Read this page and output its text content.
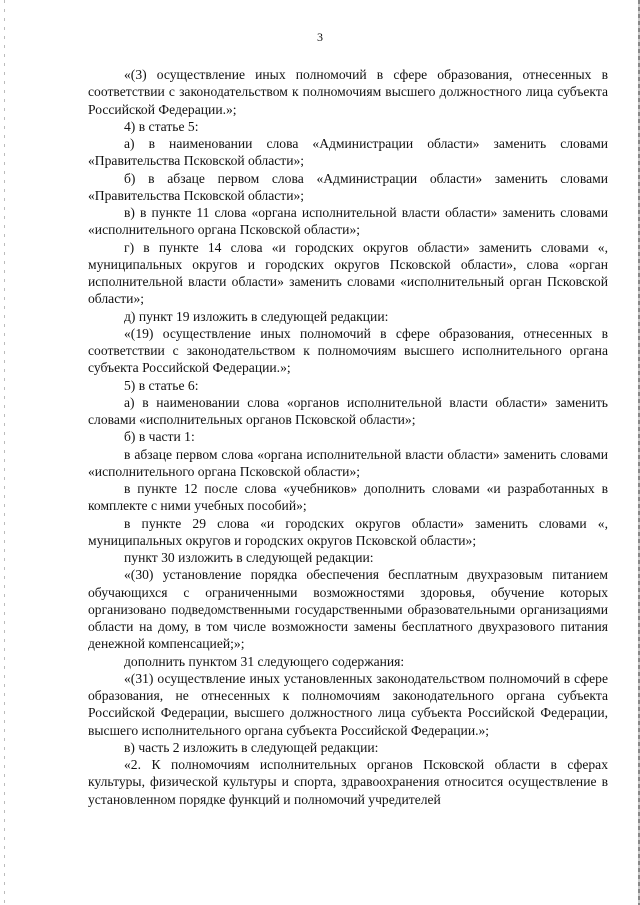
3

«(3) осуществление иных полномочий в сфере образования, отнесенных в соответствии с законодательством к полномочиям высшего должностного лица субъекта Российской Федерации.»;

4) в статье 5:

а) в наименовании слова «Администрации области» заменить словами «Правительства Псковской области»;

б) в абзаце первом слова «Администрации области» заменить словами «Правительства Псковской области»;

в) в пункте 11 слова «органа исполнительной власти области» заменить словами «исполнительного органа Псковской области»;

г) в пункте 14 слова «и городских округов области» заменить словами «, муниципальных округов и городских округов Псковской области», слова «орган исполнительной власти области» заменить словами «исполнительный орган Псковской области»;

д) пункт 19 изложить в следующей редакции:

«(19) осуществление иных полномочий в сфере образования, отнесенных в соответствии с законодательством к полномочиям высшего исполнительного органа субъекта Российской Федерации.»;

5) в статье 6:

а) в наименовании слова «органов исполнительной власти области» заменить словами «исполнительных органов Псковской области»;

б) в части 1:

в абзаце первом слова «органа исполнительной власти области» заменить словами «исполнительного органа Псковской области»;

в пункте 12 после слова «учебников» дополнить словами «и разработанных в комплекте с ними учебных пособий»;

в пункте 29 слова «и городских округов области» заменить словами «, муниципальных округов и городских округов Псковской области»;

пункт 30 изложить в следующей редакции:

«(30) установление порядка обеспечения бесплатным двухразовым питанием обучающихся с ограниченными возможностями здоровья, обучение которых организовано подведомственными государственными образовательными организациями области на дому, в том числе возможности замены бесплатного двухразового питания денежной компенсацией;»;

дополнить пунктом 31 следующего содержания:

«(31) осуществление иных установленных законодательством полномочий в сфере образования, не отнесенных к полномочиям законодательного органа субъекта Российской Федерации, высшего должностного лица субъекта Российской Федерации, высшего исполнительного органа субъекта Российской Федерации.»;

в) часть 2 изложить в следующей редакции:

«2. К полномочиям исполнительных органов Псковской области в сферах культуры, физической культуры и спорта, здравоохранения относится осуществление в установленном порядке функций и полномочий учредителей
